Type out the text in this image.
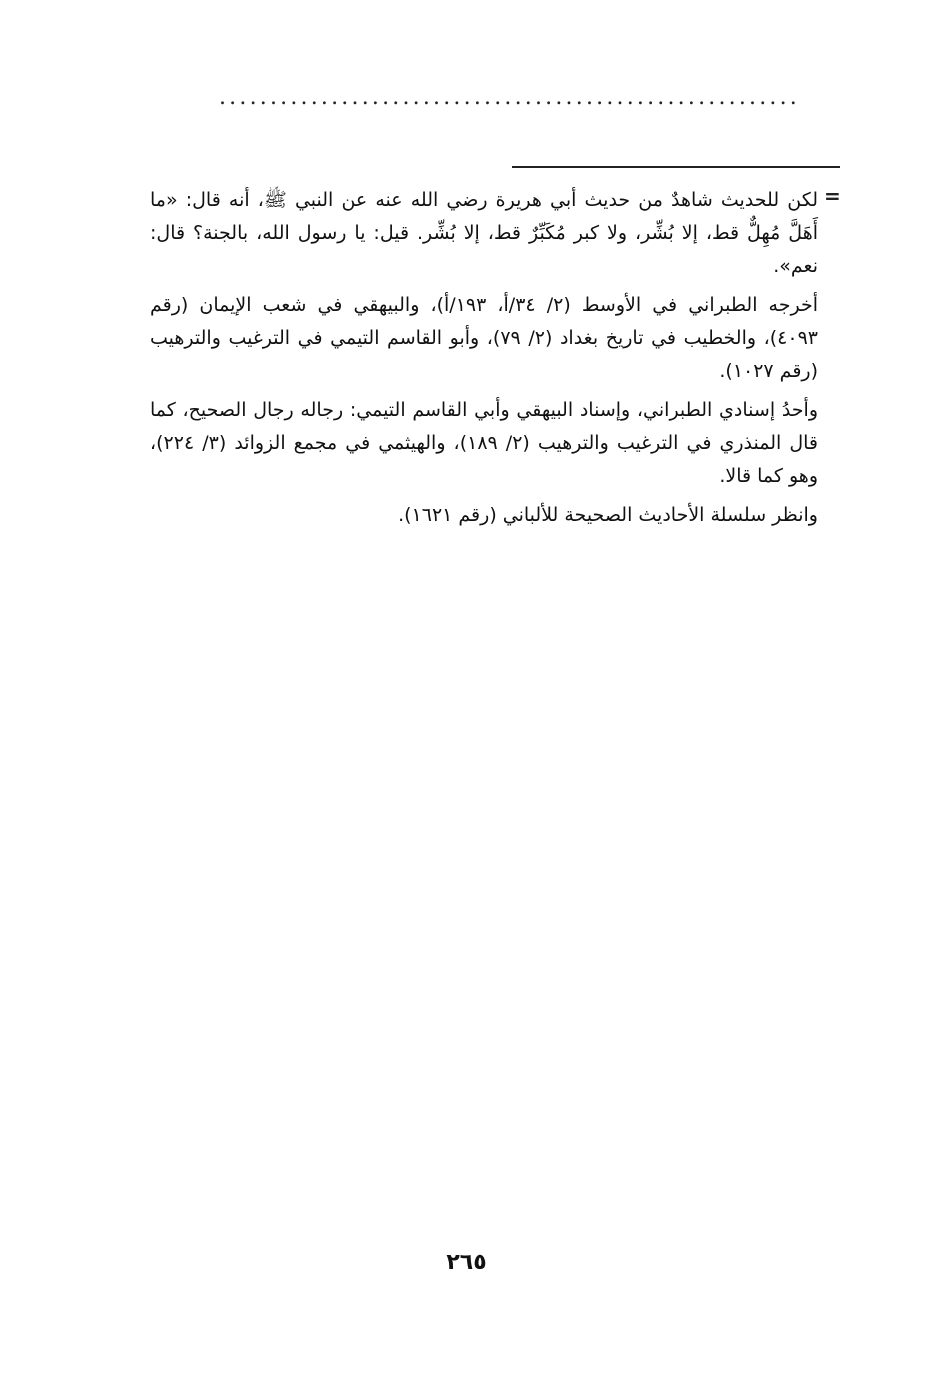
.........................................................
=

لكن للحديث شاهدٌ من حديث أبي هريرة رضي الله عنه عن النبي ﷺ، أنه قال: «ما أَهَلَّ مُهِلٌّ قط، إلا بُشِّر، ولا كبر مُكَبِّرٌ قط، إلا بُشِّر. قيل: يا رسول الله، بالجنة؟ قال: نعم».

أخرجه الطبراني في الأوسط (٢/ ٣٤/أ، ١٩٣/أ)، والبيهقي في شعب الإيمان (رقم ٤٠٩٣)، والخطيب في تاريخ بغداد (٢/ ٧٩)، وأبو القاسم التيمي في الترغيب والترهيب (رقم ١٠٢٧).

وأحدُ إسنادي الطبراني، وإسناد البيهقي وأبي القاسم التيمي: رجاله رجال الصحيح، كما قال المنذري في الترغيب والترهيب (٢/ ١٨٩)، والهيثمي في مجمع الزوائد (٣/ ٢٢٤)، وهو كما قالا.

وانظر سلسلة الأحاديث الصحيحة للألباني (رقم ١٦٢١).

٢٦٥
